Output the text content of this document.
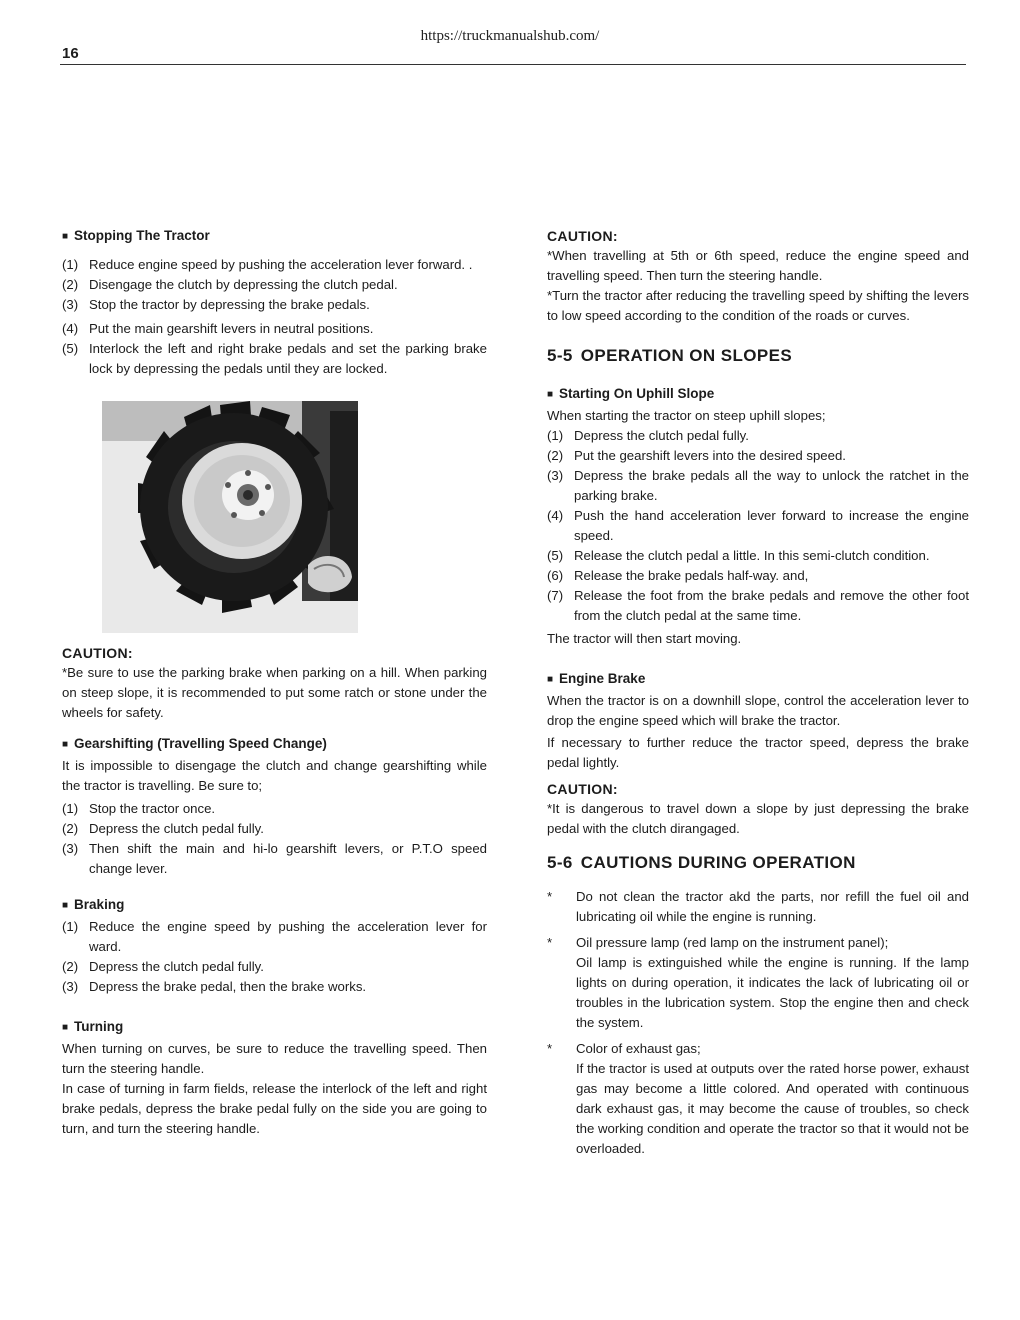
https://truckmanualshub.com/
16

■ Stopping The Tractor

(1) Reduce engine speed by pushing the acceleration lever forward. .
(2) Disengage the clutch by depressing the clutch pedal.
(3) Stop the tractor by depressing the brake pedals.
(4) Put the main gearshift levers in neutral positions.
(5) Interlock the left and right brake pedals and set the parking brake lock by depressing the pedals until they are locked.

CAUTION:

*Be sure to use the parking brake when parking on a hill. When parking on steep slope, it is recommended to put some ratch or stone under the wheels for safety.

■ Gearshifting (Travelling Speed Change)

It is impossible to disengage the clutch and change gearshifting while the tractor is travelling. Be sure to;

(1) Stop the tractor once.
(2) Depress the clutch pedal fully.
(3) Then shift the main and hi-lo gearshift levers, or P.T.O speed change lever.

■ Braking

(1) Reduce the engine speed by pushing the acceleration lever for ward.
(2) Depress the clutch pedal fully.
(3) Depress the brake pedal, then the brake works.

■ Turning

When turning on curves, be sure to reduce the travelling speed. Then turn the steering handle.

In case of turning in farm fields, release the interlock of the left and right brake pedals, depress the brake pedal fully on the side you are going to turn, and turn the steering handle.

CAUTION:

*When travelling at 5th or 6th speed, reduce the engine speed and travelling speed. Then turn the steering handle.

*Turn the tractor after reducing the travelling speed by shifting the levers to low speed according to the condition of the roads or curves.

5-5 OPERATION ON SLOPES

■ Starting On Uphill Slope

When starting the tractor on steep uphill slopes;

(1) Depress the clutch pedal fully.
(2) Put the gearshift levers into the desired speed.
(3) Depress the brake pedals all the way to unlock the ratchet in the parking brake.
(4) Push the hand acceleration lever forward to increase the engine speed.
(5) Release the clutch pedal a little. In this semi-clutch condition.
(6) Release the brake pedals half-way. and,
(7) Release the foot from the brake pedals and remove the other foot from the clutch pedal at the same time.

The tractor will then start moving.

■ Engine Brake

When the tractor is on a downhill slope, control the acceleration lever to drop the engine speed which will brake the tractor.

If necessary to further reduce the tractor speed, depress the brake pedal lightly.

CAUTION:

*It is dangerous to travel down a slope by just depressing the brake pedal with the clutch dirangaged.

5-6 CAUTIONS DURING OPERATION

* Do not clean the tractor akd the parts, nor refill the fuel oil and lubricating oil while the engine is running.

* Oil pressure lamp (red lamp on the instrument panel);

Oil lamp is extinguished while the engine is running. If the lamp lights on during operation, it indicates the lack of lubricating oil or troubles in the lubrication system. Stop the engine then and check the system.

* Color of exhaust gas;

If the tractor is used at outputs over the rated horse power, exhaust gas may become a little colored. And operated with continuous dark exhaust gas, it may become the cause of troubles, so check the working condition and operate the tractor so that it would not be overloaded.
